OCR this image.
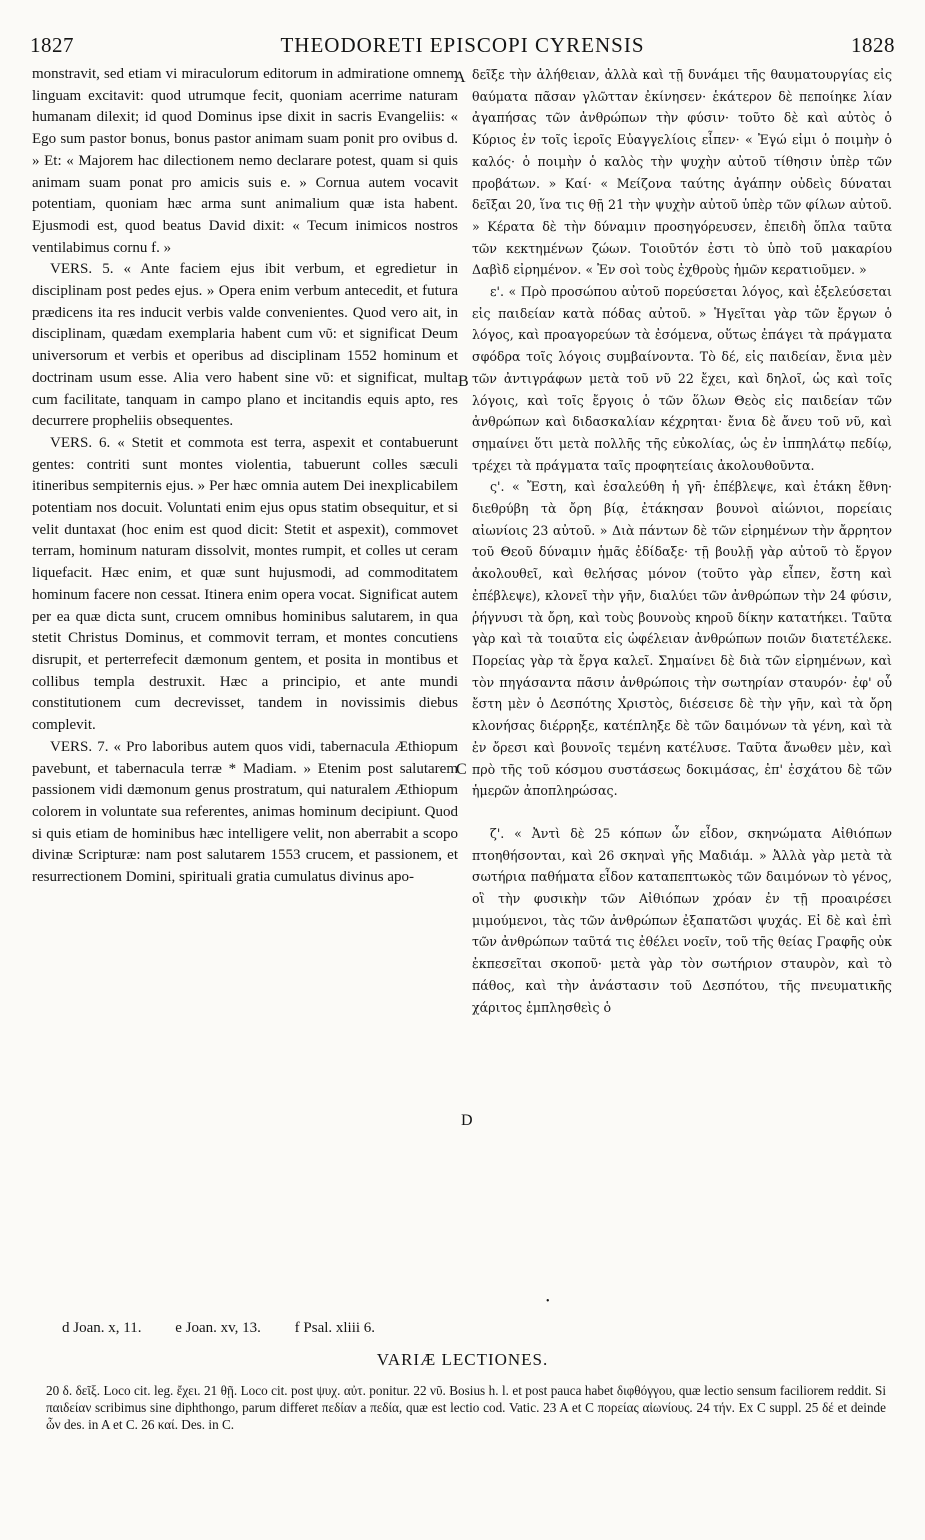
1827	THEODORETI EPISCOPI CYRENSIS	1828

monstravit, sed etiam vi miraculorum editorum in admiratione omnem linguam excitavit: quod utrumque fecit, quoniam acerrime naturam humanam dilexit; id quod Dominus ipse dixit in sacris Evangeliis: « Ego sum pastor bonus, bonus pastor animam suam ponit pro ovibus d. » Et: « Majorem hac dilectionem nemo declarare potest, quam si quis animam suam ponat pro amicis suis e. » Cornua autem vocavit potentiam, quoniam hæc arma sunt animalium quæ ista habent. Ejusmodi est, quod beatus David dixit: « Tecum inimicos nostros ventilabimus cornu f. »

VERS. 5. « Ante faciem ejus ibit verbum, et egredietur in disciplinam post pedes ejus. » Opera enim verbum antecedit, et futura prædicens ita res inducit verbis valde convenientes. Quod vero ait, in disciplinam, quædam exemplaria habent cum νῦ: et significat Deum universorum et verbis et operibus ad disciplinam 1552 hominum et doctrinam usum esse. Alia vero habent sine νῦ: et significat, multa cum facilitate, tanquam in campo plano et incitandis equis apto, res decurrere propheliis obsequentes.

VERS. 6. « Stetit et commota est terra, aspexit et contabuerunt gentes: contriti sunt montes violentia, tabuerunt colles sæculi itineribus sempiternis ejus. » Per hæc omnia autem Dei inexplicabilem potentiam nos docuit. Voluntati enim ejus opus statim obsequitur, et si velit duntaxat (hoc enim est quod dicit: Stetit et aspexit), commovet terram, hominum naturam dissolvit, montes rumpit, et colles ut ceram liquefacit. Hæc enim, et quæ sunt hujusmodi, ad commoditatem hominum facere non cessat. Itinera enim opera vocat. Significat autem per ea quæ dicta sunt, crucem omnibus hominibus salutarem, in qua stetit Christus Dominus, et commovit terram, et montes concutiens disrupit, et perterrefecit dæmonum gentem, et posita in montibus et collibus templa destruxit. Hæc a principio, et ante mundi constitutionem cum decrevisset, tandem in novissimis diebus complevit.

VERS. 7. « Pro laboribus autem quos vidi, tabernacula Æthiopum pavebunt, et tabernacula terræ * Madiam. » Etenim post salutarem passionem vidi dæmonum genus prostratum, qui naturalem Æthiopum colorem in voluntate sua referentes, animas hominum decipiunt. Quod si quis etiam de hominibus hæc intelligere velit, non aberrabit a scopo divinæ Scripturæ: nam post salutarem 1553 crucem, et passionem, et resurrectionem Domini, spirituali gratia cumulatus divinus apo-

δεῖξε τὴν ἀλήθειαν, ἀλλὰ καὶ τῇ δυνάμει τῆς θαυματουργίας εἰς θαύματα πᾶσαν γλῶτταν ἐκίνησεν· ἑκάτερον δὲ πεποίηκε λίαν ἀγαπήσας τῶν ἀνθρώπων τὴν φύσιν· τοῦτο δὲ καὶ αὐτὸς ὁ Κύριος ἐν τοῖς ἱεροῖς Εὐαγγελίοις εἶπεν· « Ἐγώ εἰμι ὁ ποιμὴν ὁ καλός· ὁ ποιμὴν ὁ καλὸς τὴν ψυχὴν αὐτοῦ τίθησιν ὑπὲρ τῶν προβάτων. » Καί· « Μείζονα ταύτης ἀγάπην οὐδεὶς δύναται δεῖξαι 20, ἵνα τις θῇ 21 τὴν ψυχὴν αὐτοῦ ὑπὲρ τῶν φίλων αὐτοῦ. » Κέρατα δὲ τὴν δύναμιν προσηγόρευσεν, ἐπειδὴ ὅπλα ταῦτα τῶν κεκτημένων ζώων. Τοιοῦτόν ἐστι τὸ ὑπὸ τοῦ μακαρίου Δαβὶδ εἰρημένον. « Ἐν σοὶ τοὺς ἐχθροὺς ἡμῶν κερατιοῦμεν. »

ε'. « Πρὸ προσώπου αὐτοῦ πορεύσεται λόγος, καὶ ἐξελεύσεται εἰς παιδείαν κατὰ πόδας αὐτοῦ. » Ἡγεῖται γὰρ τῶν ἔργων ὁ λόγος, καὶ προαγορεύων τὰ ἐσόμενα, οὕτως ἐπάγει τὰ πράγματα σφόδρα τοῖς λόγοις συμβαίνοντα. Τὸ δέ, εἰς παιδείαν, ἔνια μὲν τῶν ἀντιγράφων μετὰ τοῦ νῦ 22 ἔχει, καὶ δηλοῖ, ὡς καὶ τοῖς λόγοις, καὶ τοῖς ἔργοις ὁ τῶν ὅλων Θεὸς εἰς παιδείαν τῶν ἀνθρώπων καὶ διδασκαλίαν κέχρηται· ἔνια δὲ ἄνευ τοῦ νῦ, καὶ σημαίνει ὅτι μετὰ πολλῆς τῆς εὐκολίας, ὡς ἐν ἱππηλάτῳ πεδίῳ, τρέχει τὰ πράγματα ταῖς προφητείαις ἀκολουθοῦντα.

ς'. « Ἔστη, καὶ ἐσαλεύθη ἡ γῆ· ἐπέβλεψε, καὶ ἐτάκη ἔθνη· διεθρύβη τὰ ὄρη βίᾳ, ἐτάκησαν βουνοὶ αἰώνιοι, πορείαις αἰωνίοις 23 αὐτοῦ. » Διὰ πάντων δὲ τῶν εἰρημένων τὴν ἄρρητον τοῦ Θεοῦ δύναμιν ἡμᾶς ἐδίδαξε· τῇ βουλῇ γὰρ αὐτοῦ τὸ ἔργον ἀκολουθεῖ, καὶ θελήσας μόνον (τοῦτο γὰρ εἶπεν, ἔστη καὶ ἐπέβλεψε), κλονεῖ τὴν γῆν, διαλύει τῶν ἀνθρώπων τὴν 24 φύσιν, ῥήγνυσι τὰ ὄρη, καὶ τοὺς βουνοὺς κηροῦ δίκην κατατήκει. Ταῦτα γὰρ καὶ τὰ τοιαῦτα εἰς ὠφέλειαν ἀνθρώπων ποιῶν διατετέλεκε. Πορείας γὰρ τὰ ἔργα καλεῖ. Σημαίνει δὲ διὰ τῶν εἰρημένων, καὶ τὸν πηγάσαντα πᾶσιν ἀνθρώποις τὴν σωτηρίαν σταυρόν· ἐφ' οὗ ἔστη μὲν ὁ Δεσπότης Χριστὸς, διέσεισε δὲ τὴν γῆν, καὶ τὰ ὄρη κλονήσας διέρρηξε, κατέπληξε δὲ τῶν δαιμόνων τὰ γένη, καὶ τὰ ἐν ὄρεσι καὶ βουνοῖς τεμένη κατέλυσε. Ταῦτα ἄνωθεν μὲν, καὶ πρὸ τῆς τοῦ κόσμου συστάσεως δοκιμάσας, ἐπ' ἐσχάτου δὲ τῶν ἡμερῶν ἀποπληρώσας.

ζ'. « Ἀντὶ δὲ 25 κόπων ὧν εἶδον, σκηνώματα Αἰθιόπων πτοηθήσονται, καὶ 26 σκηναὶ γῆς Μαδιάμ. » Ἀλλὰ γὰρ μετὰ τὰ σωτήρια παθήματα εἶδον καταπεπτωκὸς τῶν δαιμόνων τὸ γένος, οἳ τὴν φυσικὴν τῶν Αἰθιόπων χρόαν ἐν τῇ προαιρέσει μιμούμενοι, τὰς τῶν ἀνθρώπων ἐξαπατῶσι ψυχάς. Εἰ δὲ καὶ ἐπὶ τῶν ἀνθρώπων ταῦτά τις ἐθέλει νοεῖν, τοῦ τῆς θείας Γραφῆς οὐκ ἐκπεσεῖται σκοποῦ· μετὰ γὰρ τὸν σωτήριον σταυρὸν, καὶ τὸ πάθος, καὶ τὴν ἀνάστασιν τοῦ Δεσπότου, τῆς πνευματικῆς χάριτος ἐμπλησθεὶς ὁ

A
B
C
D
•
d Joan. x, 11. e Joan. xv, 13. f Psal. xliii 6.
VARIÆ LECTIONES.
20 δ. δεῖξ. Loco cit. leg. ἔχει. 21 θῇ. Loco cit. post ψυχ. αὐτ. ponitur. 22 νῦ. Bosius h. l. et post pauca habet διφθόγγου, quæ lectio sensum faciliorem reddit. Si παιδείαν scribimus sine diphthongo, parum differet πεδίαν a πεδία, quæ est lectio cod. Vatic. 23 A et C πορείας αἰωνίους. 24 τήν. Ex C suppl. 25 δέ et deinde ὧν des. in A et C. 26 καί. Des. in C.
